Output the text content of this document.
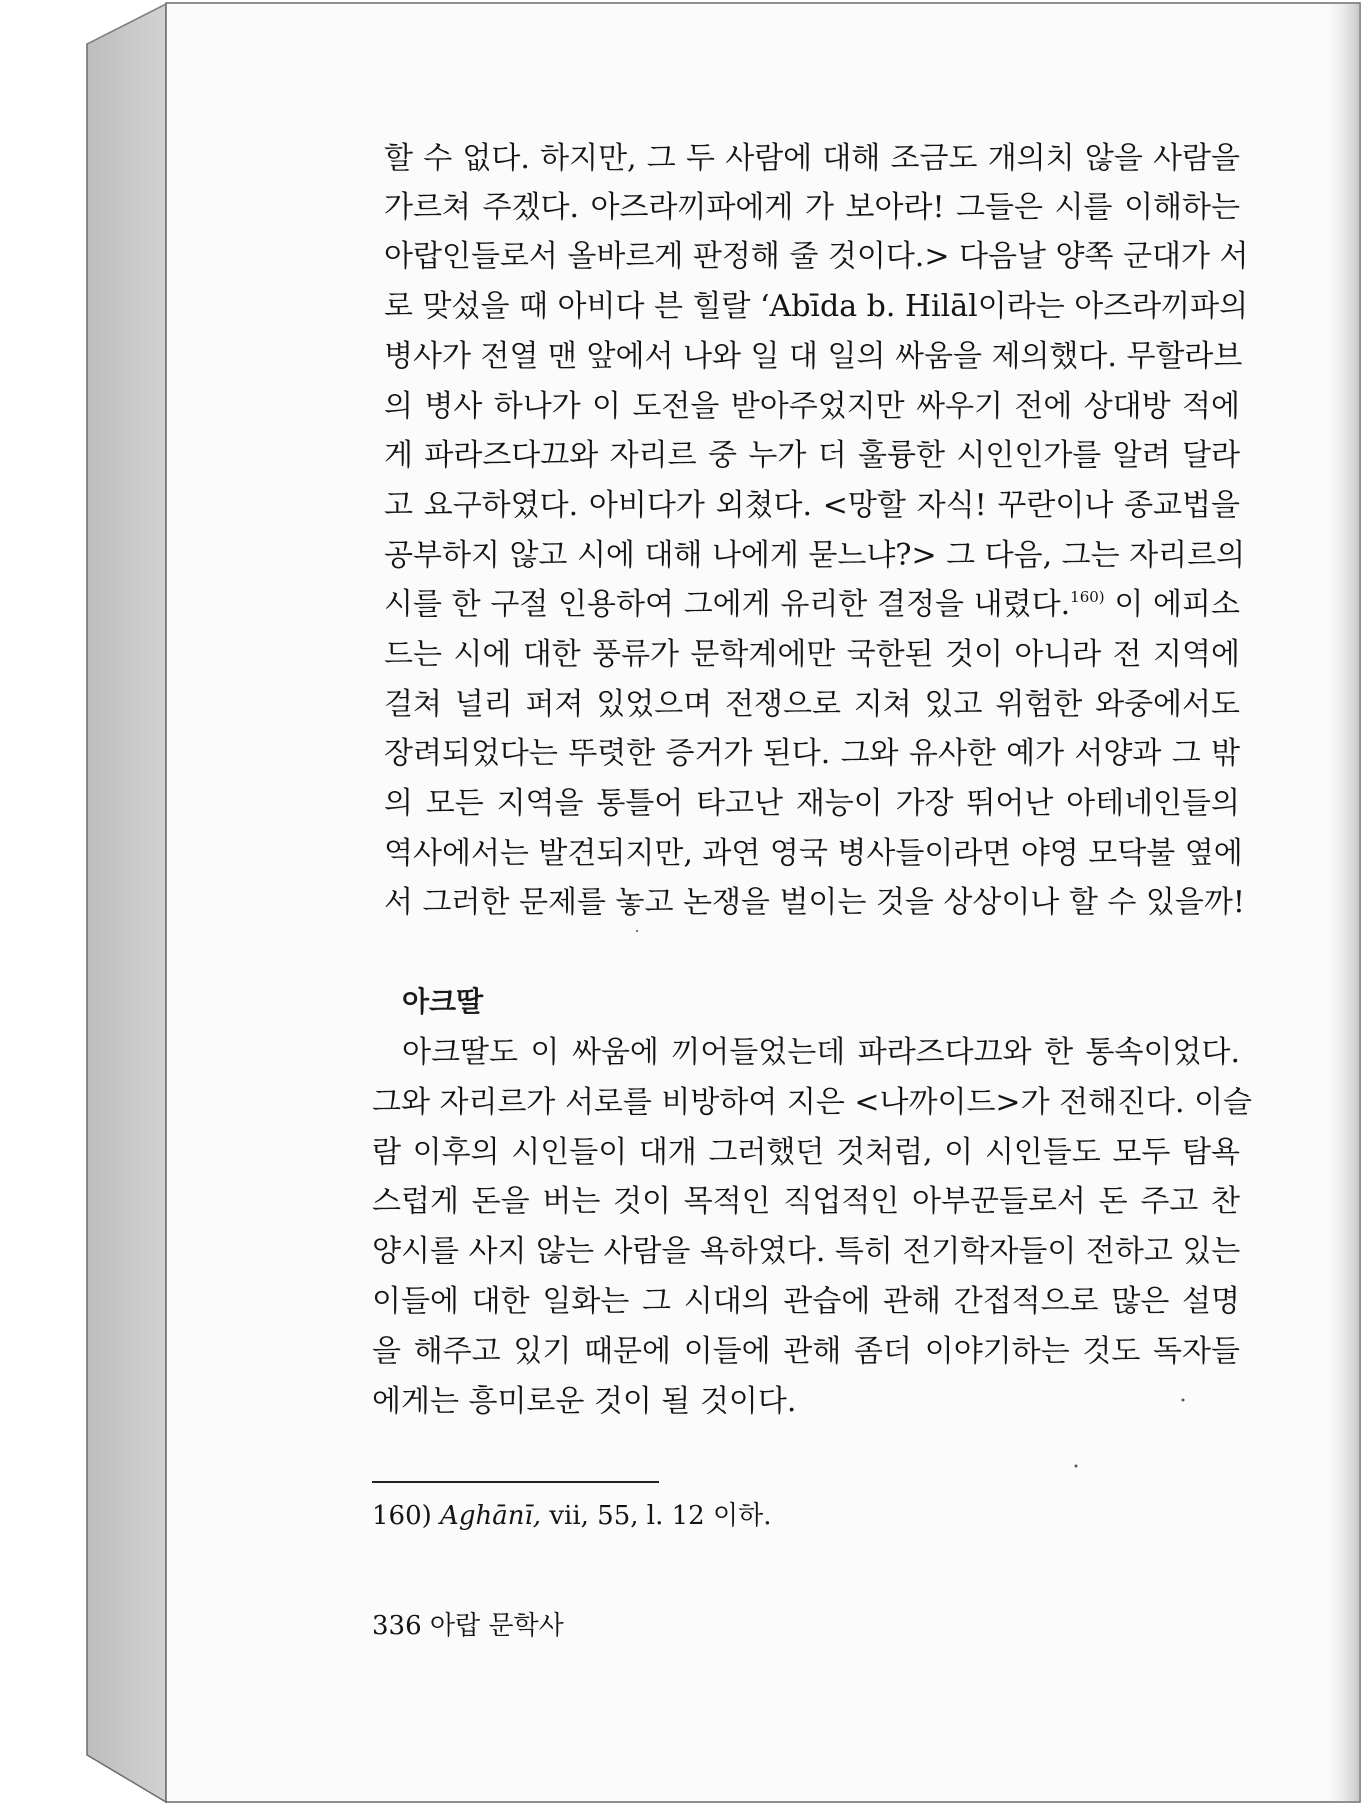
할 수 없다. 하지만, 그 두 사람에 대해 조금도 개의치 않을 사람을
가르쳐 주겠다. 아즈라끼파에게 가 보아라! 그들은 시를 이해하는
아랍인들로서 올바르게 판정해 줄 것이다.> 다음날 양쪽 군대가 서
로 맞섰을 때 아비다 븐 힐랄 ‘Abīda b. Hilāl이라는 아즈라끼파의
병사가 전열 맨 앞에서 나와 일 대 일의 싸움을 제의했다. 무할라브
의 병사 하나가 이 도전을 받아주었지만 싸우기 전에 상대방 적에
게 파라즈다끄와 자리르 중 누가 더 훌륭한 시인인가를 알려 달라
고 요구하였다. 아비다가 외쳤다. <망할 자식! 꾸란이나 종교법을
공부하지 않고 시에 대해 나에게 묻느냐?> 그 다음, 그는 자리르의
시를 한 구절 인용하여 그에게 유리한 결정을 내렸다.$^{160)}$ 이 에피소
드는 시에 대한 풍류가 문학계에만 국한된 것이 아니라 전 지역에
걸쳐 널리 퍼져 있었으며 전쟁으로 지쳐 있고 위험한 와중에서도
장려되었다는 뚜렷한 증거가 된다. 그와 유사한 예가 서양과 그 밖
의 모든 지역을 통틀어 타고난 재능이 가장 뛰어난 아테네인들의
역사에서는 발견되지만, 과연 영국 병사들이라면 야영 모닥불 옆에
서 그러한 문제를 놓고 논쟁을 벌이는 것을 상상이나 할 수 있을까!
아크딸
아크딸도 이 싸움에 끼어들었는데 파라즈다끄와 한 통속이었다.
그와 자리르가 서로를 비방하여 지은 <나까이드>가 전해진다. 이슬
람 이후의 시인들이 대개 그러했던 것처럼, 이 시인들도 모두 탐욕
스럽게 돈을 버는 것이 목적인 직업적인 아부꾼들로서 돈 주고 찬
양시를 사지 않는 사람을 욕하였다. 특히 전기학자들이 전하고 있는
이들에 대한 일화는 그 시대의 관습에 관해 간접적으로 많은 설명
을 해주고 있기 때문에 이들에 관해 좀더 이야기하는 것도 독자들
에게는 흥미로운 것이 될 것이다.
160) Aghānī, vii, 55, l. 12 이하.
336 아랍 문학사
